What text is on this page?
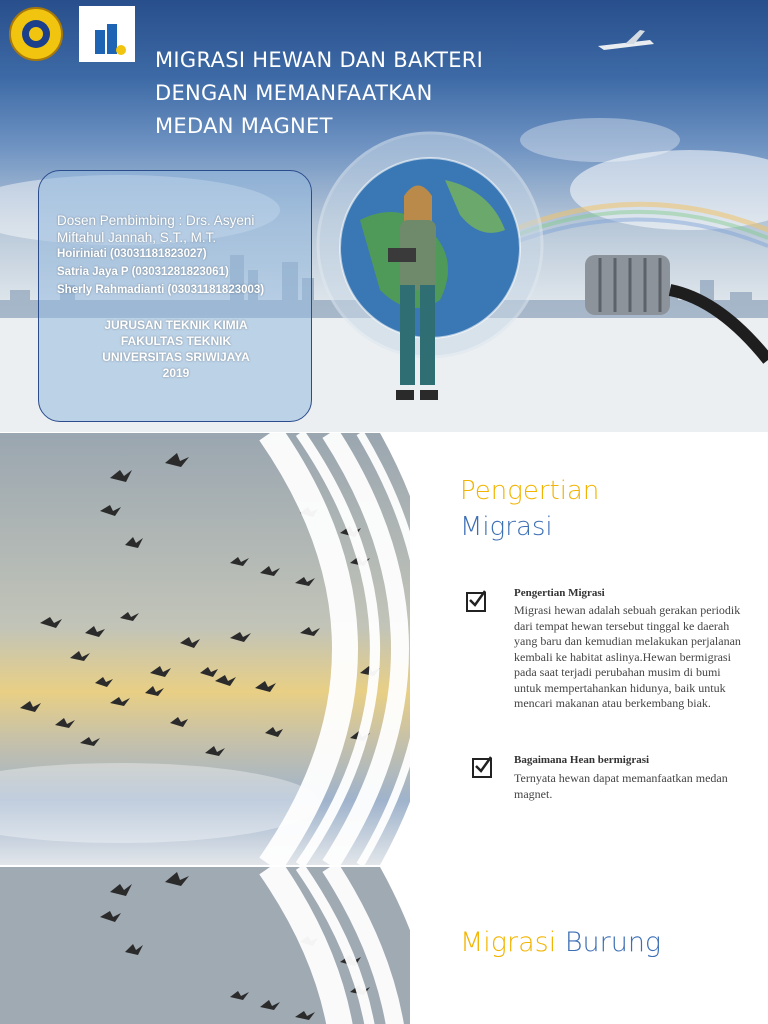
MIGRASI HEWAN DAN BAKTERI
DENGAN MEMANFAATKAN
MEDAN MAGNET
Dosen Pembimbing : Drs. Asyeni
Miftahul Jannah, S.T., M.T.
Hoiriniati (03031181823027)
Satria Jaya P (03031281823061)
Sherly Rahmadianti (03031181823003)
JURUSAN TEKNIK KIMIA
FAKULTAS TEKNIK
UNIVERSITAS SRIWIJAYA
2019
Pengertian
Migrasi
Pengertian Migrasi
Migrasi hewan adalah sebuah gerakan periodik dari tempat hewan tersebut tinggal ke daerah yang baru dan kemudian melakukan perjalanan kembali ke habitat aslinya.Hewan bermigrasi pada saat terjadi perubahan musim di bumi untuk mempertahankan hidunya, baik untuk mencari makanan atau berkembang biak.
Bagaimana Hean bermigrasi
Ternyata hewan dapat memanfaatkan medan magnet.
Migrasi Burung
